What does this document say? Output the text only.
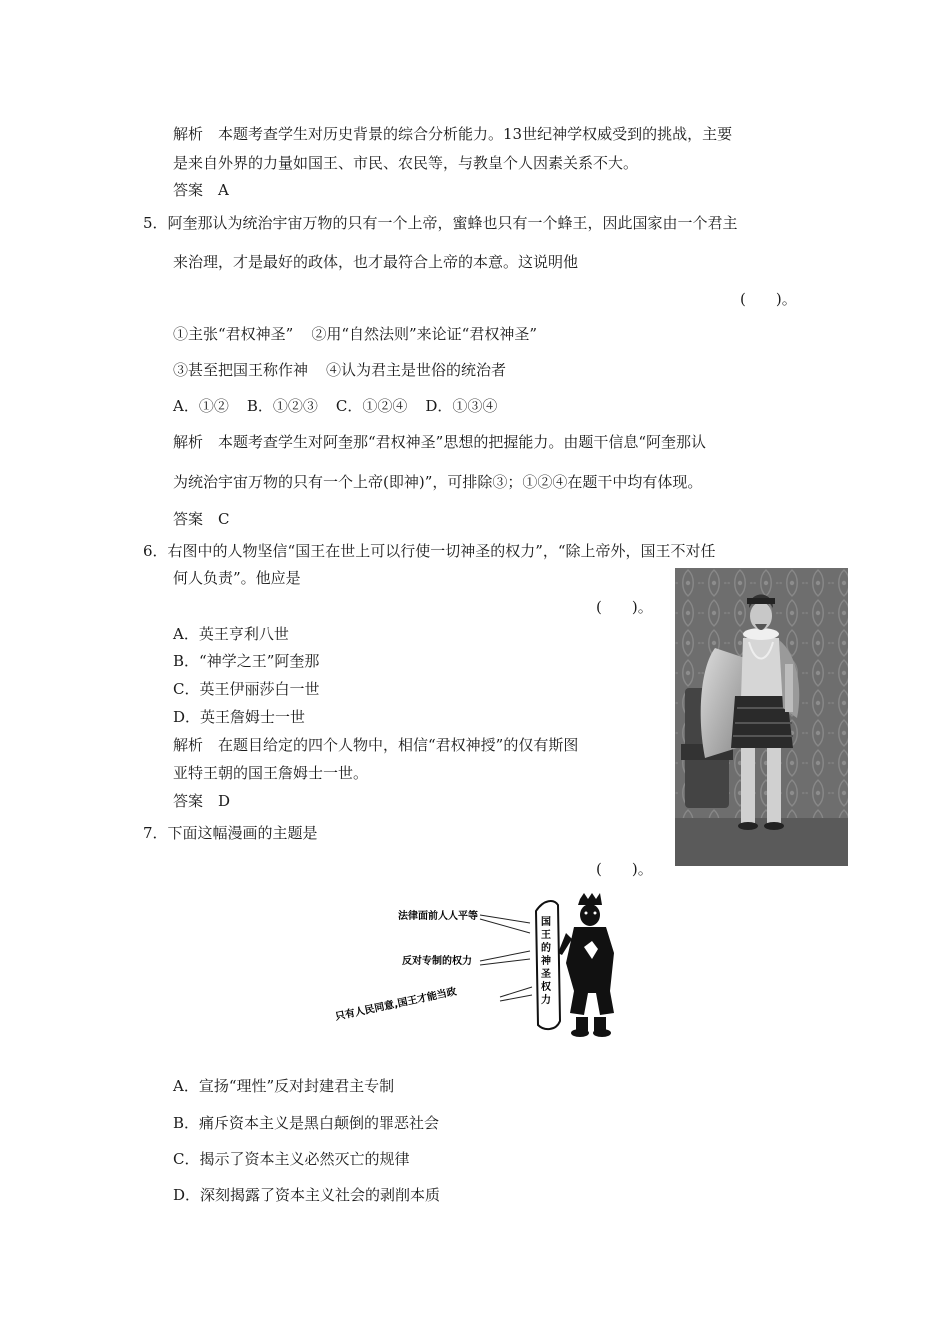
解析　本题考查学生对历史背景的综合分析能力。13世纪神学权威受到的挑战，主要
是来自外界的力量如国王、市民、农民等，与教皇个人因素关系不大。
答案　A
5．阿奎那认为统治宇宙万物的只有一个上帝，蜜蜂也只有一个蜂王，因此国家由一个君主
来治理，才是最好的政体，也才最符合上帝的本意。这说明他
(　　)。
①主张“君权神圣” ②用“自然法则”来论证“君权神圣”
③甚至把国王称作神 ④认为君主是世俗的统治者
A．①② B．①②③ C．①②④ D．①③④
解析　本题考查学生对阿奎那“君权神圣”思想的把握能力。由题干信息“阿奎那认
为统治宇宙万物的只有一个上帝(即神)”，可排除③；①②④在题干中均有体现。
答案　C
6．右图中的人物坚信“国王在世上可以行使一切神圣的权力”，“除上帝外，国王不对任
何人负责”。他应是
(　　)。
A．英王亨利八世
B．“神学之王”阿奎那
C．英王伊丽莎白一世
D．英王詹姆士一世
解析　在题目给定的四个人物中，相信“君权神授”的仅有斯图
亚特王朝的国王詹姆士一世。
答案　D
7．下面这幅漫画的主题是
(　　)。
法律面前人人平等
反对专制的权力
只有人民同意,国王才能当政
国
王
的
神
圣
权
力
A．宣扬“理性”反对封建君主专制
B．痛斥资本主义是黑白颠倒的罪恶社会
C．揭示了资本主义必然灭亡的规律
D．深刻揭露了资本主义社会的剥削本质
